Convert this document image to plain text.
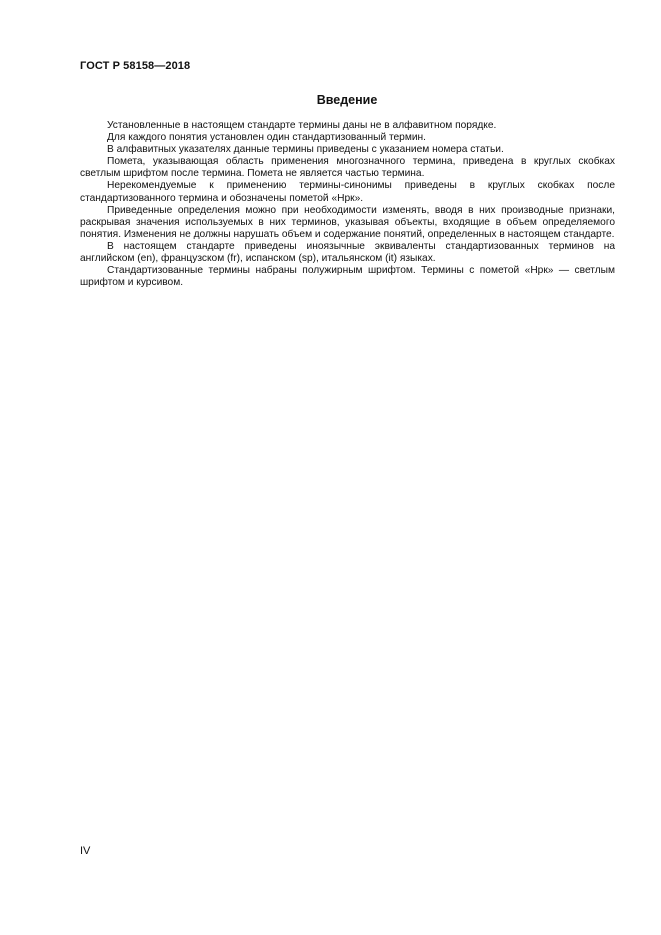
ГОСТ Р 58158—2018
Введение

Установленные в настоящем стандарте термины даны не в алфавитном порядке.

Для каждого понятия установлен один стандартизованный термин.

В алфавитных указателях данные термины приведены с указанием номера статьи.

Помета, указывающая область применения многозначного термина, приведена в круглых скобках светлым шрифтом после термина. Помета не является частью термина.

Нерекомендуемые к применению термины-синонимы приведены в круглых скобках после стандартизованного термина и обозначены пометой «Нрк».

Приведенные определения можно при необходимости изменять, вводя в них производные признаки, раскрывая значения используемых в них терминов, указывая объекты, входящие в объем определяемого понятия. Изменения не должны нарушать объем и содержание понятий, определенных в настоящем стандарте.

В настоящем стандарте приведены иноязычные эквиваленты стандартизованных терминов на английском (en), французском (fr), испанском (sp), итальянском (it) языках.

Стандартизованные термины набраны полужирным шрифтом. Термины с пометой «Нрк» — светлым шрифтом и курсивом.

IV
